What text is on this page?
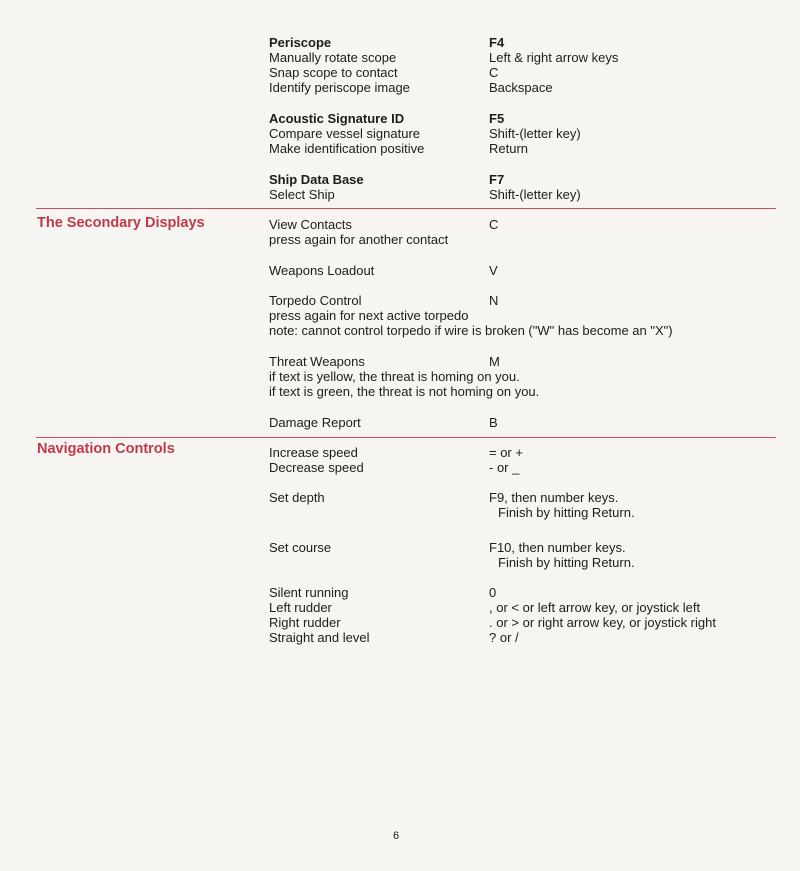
Periscope	F4
Manually rotate scope	Left & right arrow keys
Snap scope to contact	C
Identify periscope image	Backspace
Acoustic Signature ID	F5
Compare vessel signature	Shift-(letter key)
Make identification positive	Return
Ship Data Base	F7
Select Ship	Shift-(letter key)
The Secondary Displays	View Contacts	C
press again for another contact
Weapons Loadout	V
Torpedo Control	N
press again for next active torpedo
note: cannot control torpedo if wire is broken ("W" has become an "X")
Threat Weapons	M
if text is yellow, the threat is homing on you.
if text is green, the threat is not homing on you.
Damage Report	B
Navigation Controls	Increase speed	= or +
Decrease speed	- or _
Set depth	F9, then number keys.
Finish by hitting Return.
Set course	F10, then number keys.
Finish by hitting Return.
Silent running	0
Left rudder	, or < or left arrow key, or joystick left
Right rudder	. or > or right arrow key, or joystick right
Straight and level	? or /
6
